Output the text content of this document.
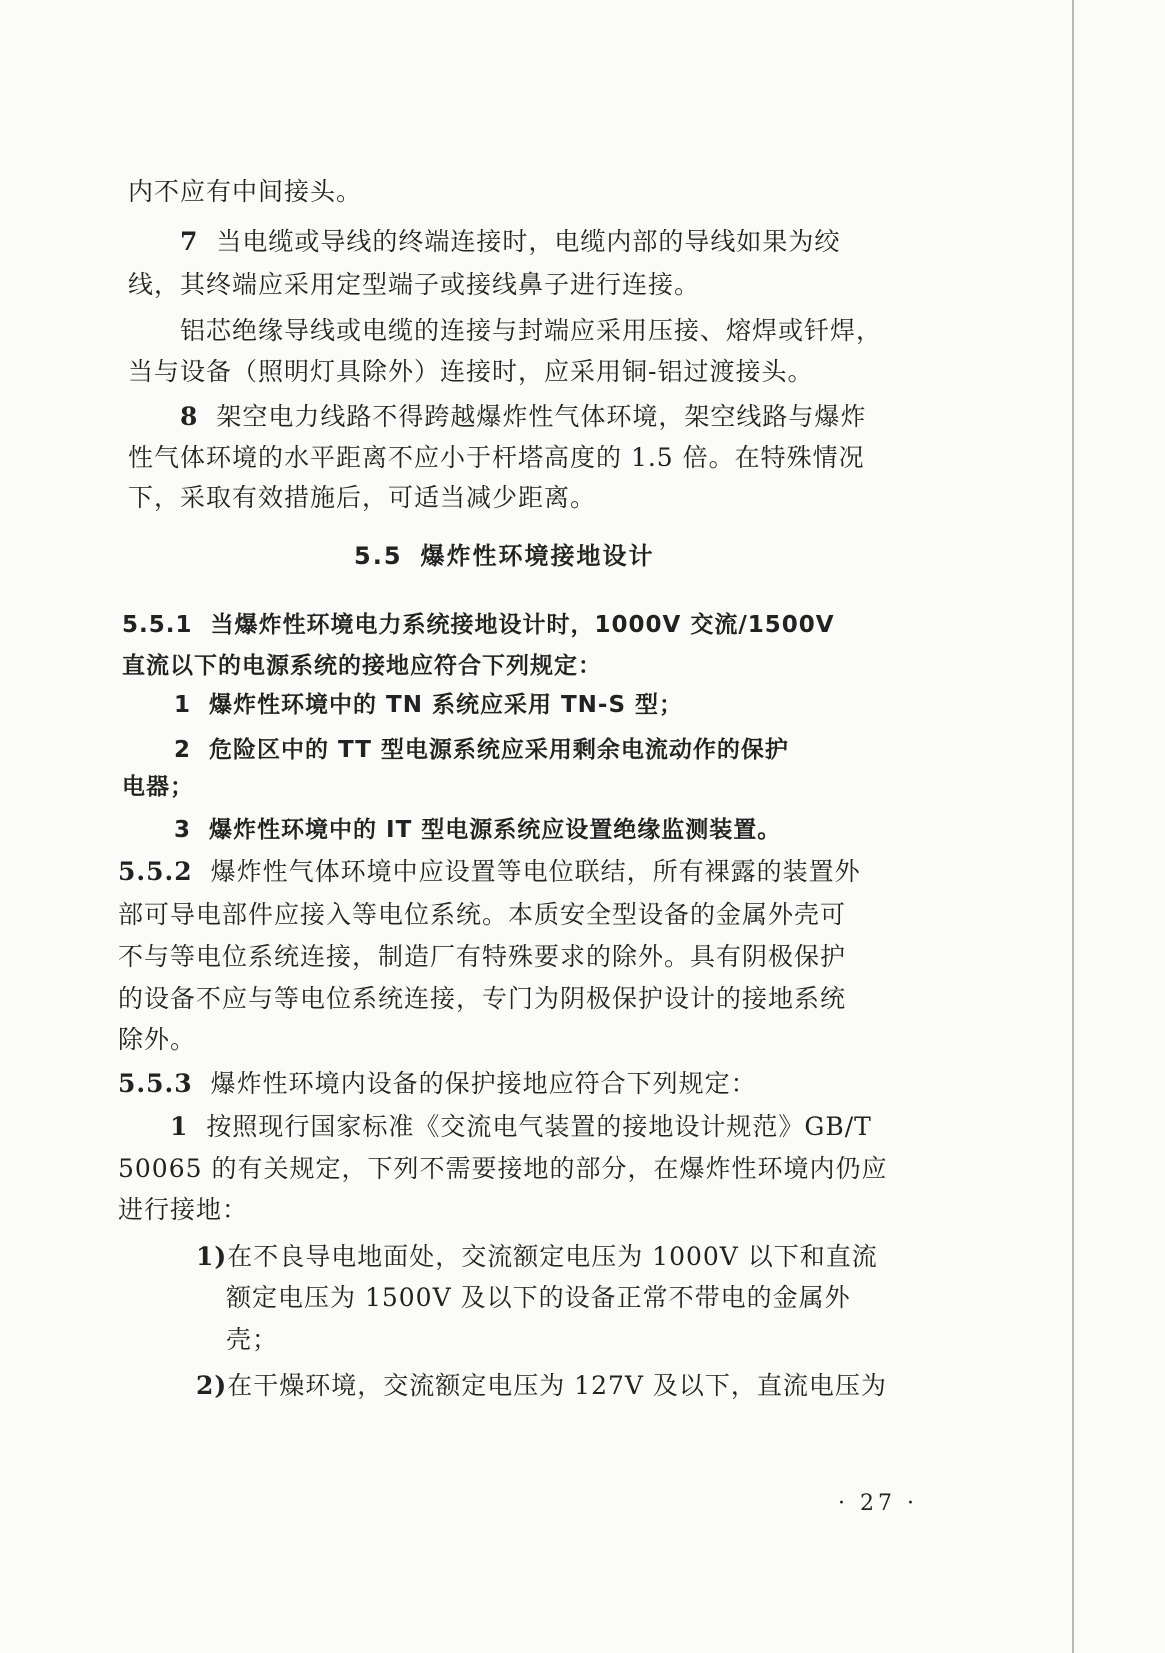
内不应有中间接头。
7 当电缆或导线的终端连接时，电缆内部的导线如果为绞
线，其终端应采用定型端子或接线鼻子进行连接。
铝芯绝缘导线或电缆的连接与封端应采用压接、熔焊或钎焊，
当与设备（照明灯具除外）连接时，应采用铜-铝过渡接头。
8 架空电力线路不得跨越爆炸性气体环境，架空线路与爆炸
性气体环境的水平距离不应小于杆塔高度的 1.5 倍。在特殊情况
下，采取有效措施后，可适当减少距离。
5.5 爆炸性环境接地设计
5.5.1 当爆炸性环境电力系统接地设计时，1000V 交流/1500V
直流以下的电源系统的接地应符合下列规定：
1 爆炸性环境中的 TN 系统应采用 TN-S 型；
2 危险区中的 TT 型电源系统应采用剩余电流动作的保护
电器；
3 爆炸性环境中的 IT 型电源系统应设置绝缘监测装置。
5.5.2 爆炸性气体环境中应设置等电位联结，所有裸露的装置外
部可导电部件应接入等电位系统。本质安全型设备的金属外壳可
不与等电位系统连接，制造厂有特殊要求的除外。具有阴极保护
的设备不应与等电位系统连接，专门为阴极保护设计的接地系统
除外。
5.5.3 爆炸性环境内设备的保护接地应符合下列规定：
1 按照现行国家标准《交流电气装置的接地设计规范》GB/T
50065 的有关规定，下列不需要接地的部分，在爆炸性环境内仍应
进行接地：
1)在不良导电地面处，交流额定电压为 1000V 以下和直流
额定电压为 1500V 及以下的设备正常不带电的金属外
壳；
2)在干燥环境，交流额定电压为 127V 及以下，直流电压为
· 27 ·
